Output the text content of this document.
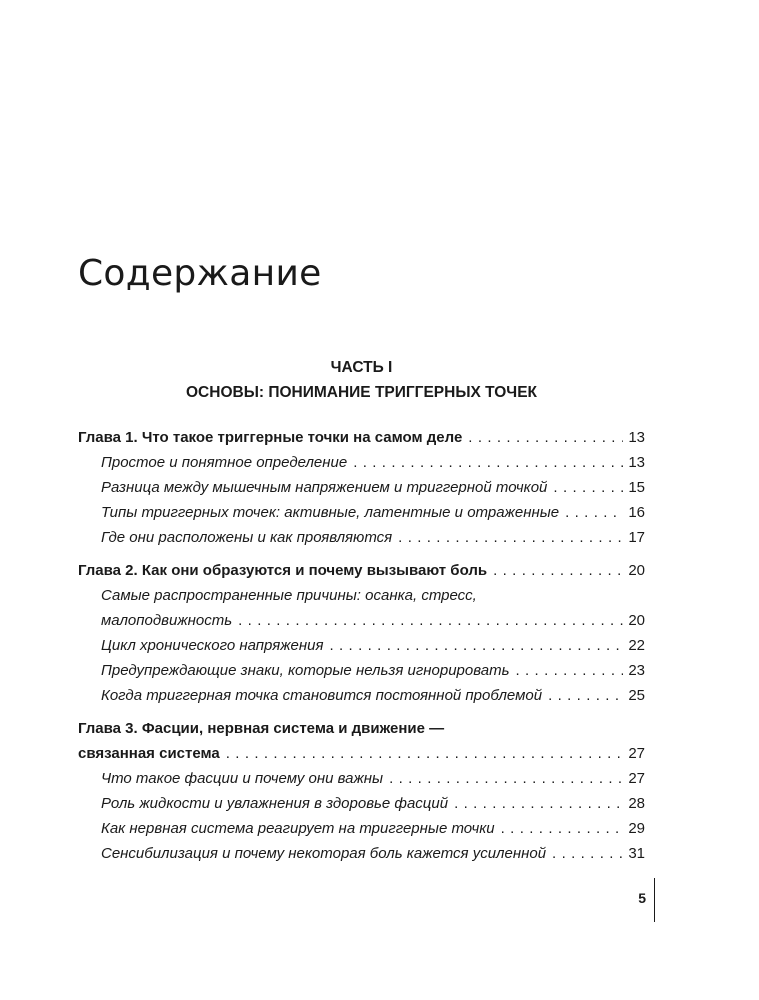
Содержание
ЧАСТЬ I
ОСНОВЫ: ПОНИМАНИЕ ТРИГГЕРНЫХ ТОЧЕК
Глава 1. Что такое триггерные точки на самом деле . . .	13
Простое и понятное определение . . .	13
Разница между мышечным напряжением и триггерной точкой . . .	15
Типы триггерных точек: активные, латентные и отраженные . . .	16
Где они расположены и как проявляются . . .	17
Глава 2. Как они образуются и почему вызывают боль . . .	20
Самые распространенные причины: осанка, стресс,
малоподвижность . . .	20
Цикл хронического напряжения . . .	22
Предупреждающие знаки, которые нельзя игнорировать . . .	23
Когда триггерная точка становится постоянной проблемой . . .	25
Глава 3. Фасции, нервная система и движение —
связанная система . . .	27
Что такое фасции и почему они важны . . .	27
Роль жидкости и увлажнения в здоровье фасций . . .	28
Как нервная система реагирует на триггерные точки . . .	29
Сенсибилизация и почему некоторая боль кажется усиленной . . .	31
5
